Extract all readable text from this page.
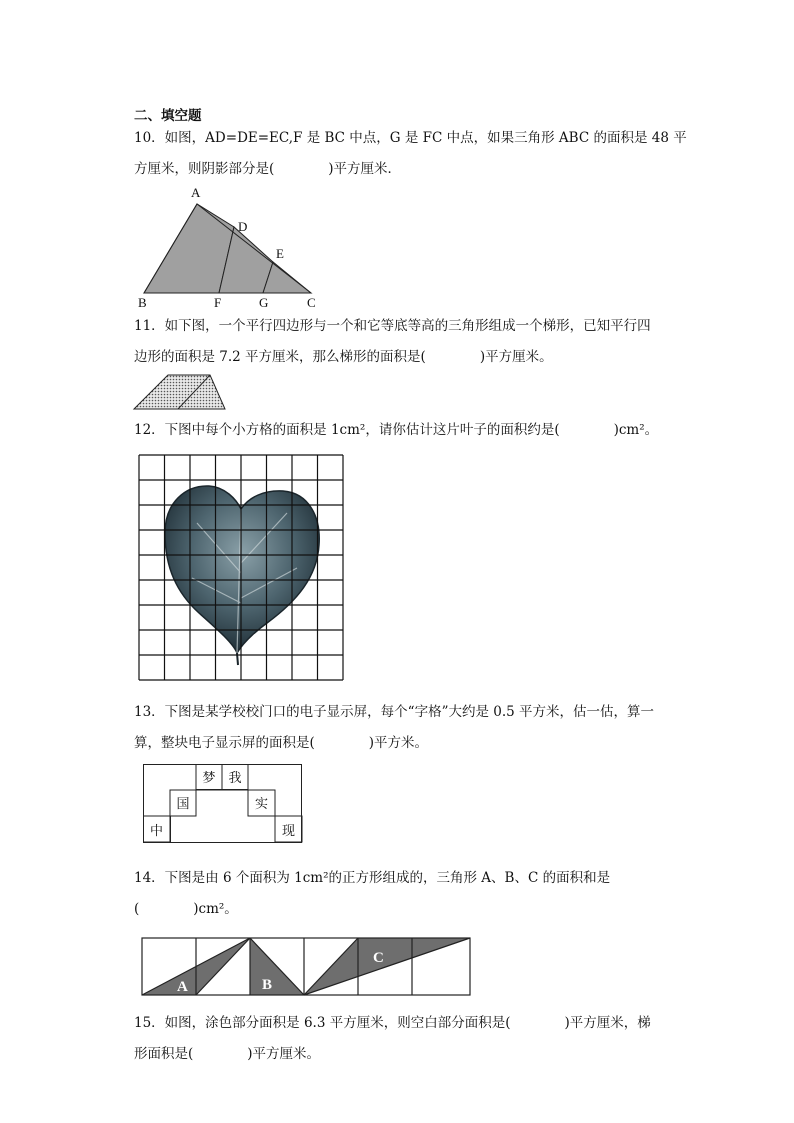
二、填空题
10．如图，AD=DE=EC,F 是 BC 中点，G 是 FC 中点，如果三角形 ABC 的面积是 48 平
方厘米，则阴影部分是(　　　　)平方厘米．
A
D
E
B	F	G	C
11．如下图，一个平行四边形与一个和它等底等高的三角形组成一个梯形，已知平行四
边形的面积是 7.2 平方厘米，那么梯形的面积是(　　　　)平方厘米。
12．下图中每个小方格的面积是 1cm²，请你估计这片叶子的面积约是(　　　　)cm²。
13．下图是某学校校门口的电子显示屏，每个“字格”大约是 0.5 平方米，估一估，算一
算，整块电子显示屏的面积是(　　　　)平方米。
梦 我
国	实
中	现
14．下图是由 6 个面积为 1cm²的正方形组成的，三角形 A、B、C 的面积和是
(　　　　)cm²。
A	B
C
15．如图，涂色部分面积是 6.3 平方厘米，则空白部分面积是(　　　　)平方厘米，梯
形面积是(　　　　)平方厘米。
